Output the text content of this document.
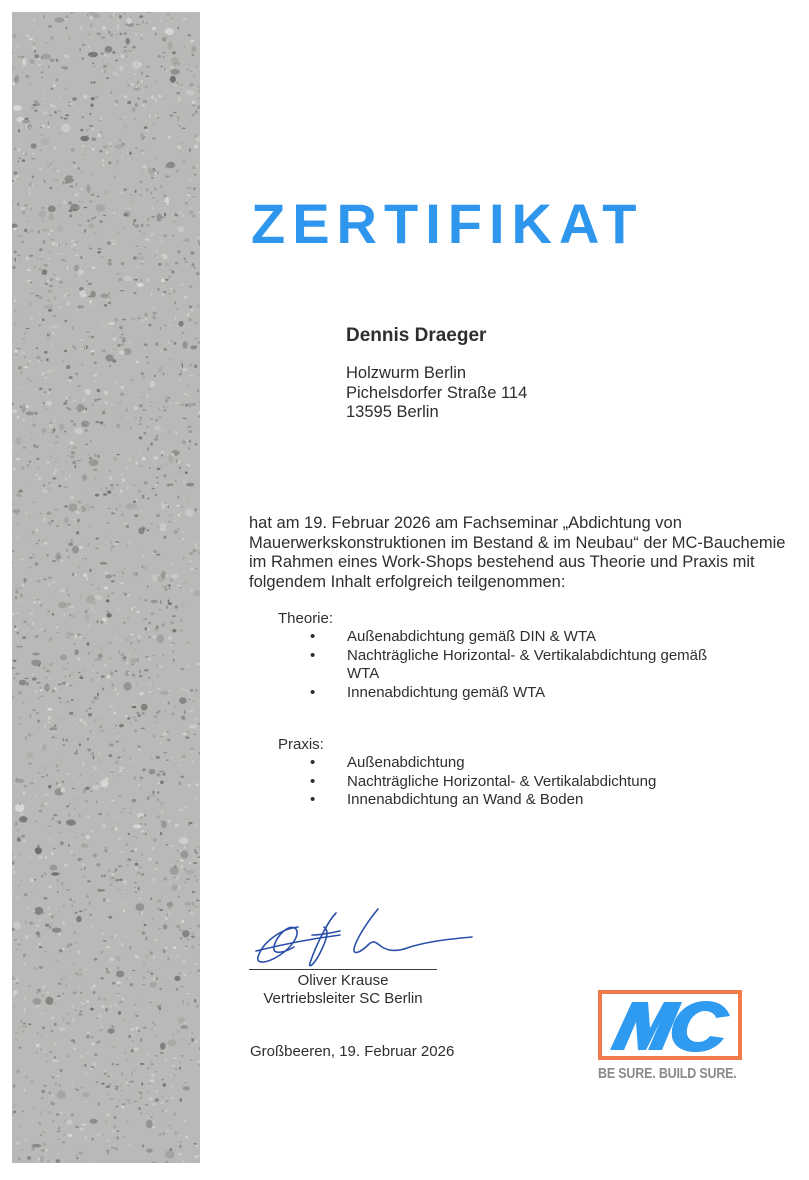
ZERTIFIKAT
Dennis Draeger
Holzwurm Berlin
Pichelsdorfer Straße 114
13595 Berlin
hat am 19. Februar 2026 am Fachseminar „Abdichtung von Mauerwerkskonstruktionen im Bestand & im Neubau“ der MC-Bauchemie im Rahmen eines Work-Shops bestehend aus Theorie und Praxis mit folgendem Inhalt erfolgreich teilgenommen:
Theorie:
• Außenabdichtung gemäß DIN & WTA
• Nachträgliche Horizontal- & Vertikalabdichtung gemäß WTA
• Innenabdichtung gemäß WTA
Praxis:
• Außenabdichtung
• Nachträgliche Horizontal- & Vertikalabdichtung
• Innenabdichtung an Wand & Boden
Oliver Krause
Vertriebsleiter SC Berlin
Großbeeren, 19. Februar 2026
BE SURE. BUILD SURE.
